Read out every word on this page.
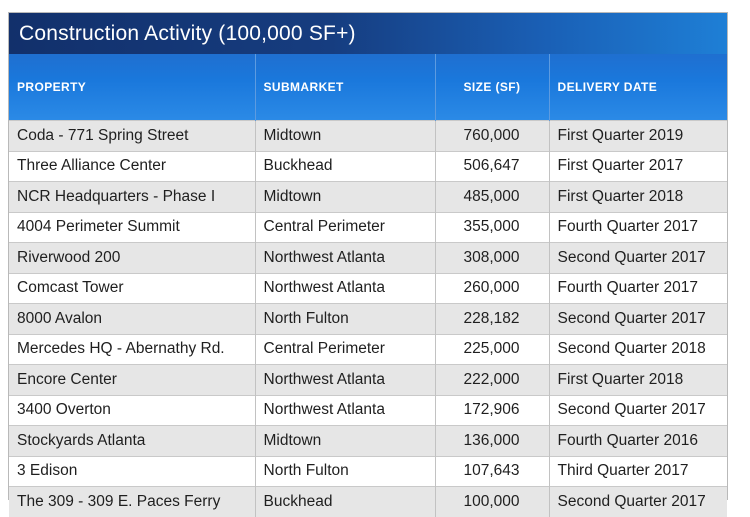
Construction Activity (100,000 SF+)
PROPERTY	SUBMARKET	SIZE (SF)	DELIVERY DATE
Coda - 771 Spring Street	Midtown	760,000	First Quarter 2019
Three Alliance Center	Buckhead	506,647	First Quarter 2017
NCR Headquarters - Phase I	Midtown	485,000	First Quarter 2018
4004 Perimeter Summit	Central Perimeter	355,000	Fourth Quarter 2017
Riverwood 200	Northwest Atlanta	308,000	Second Quarter 2017
Comcast Tower	Northwest Atlanta	260,000	Fourth Quarter 2017
8000 Avalon	North Fulton	228,182	Second Quarter 2017
Mercedes HQ - Abernathy Rd.	Central Perimeter	225,000	Second Quarter 2018
Encore Center	Northwest Atlanta	222,000	First Quarter 2018
3400 Overton	Northwest Atlanta	172,906	Second Quarter 2017
Stockyards Atlanta	Midtown	136,000	Fourth Quarter 2016
3 Edison	North Fulton	107,643	Third Quarter 2017
The 309 - 309 E. Paces Ferry	Buckhead	100,000	Second Quarter 2017
